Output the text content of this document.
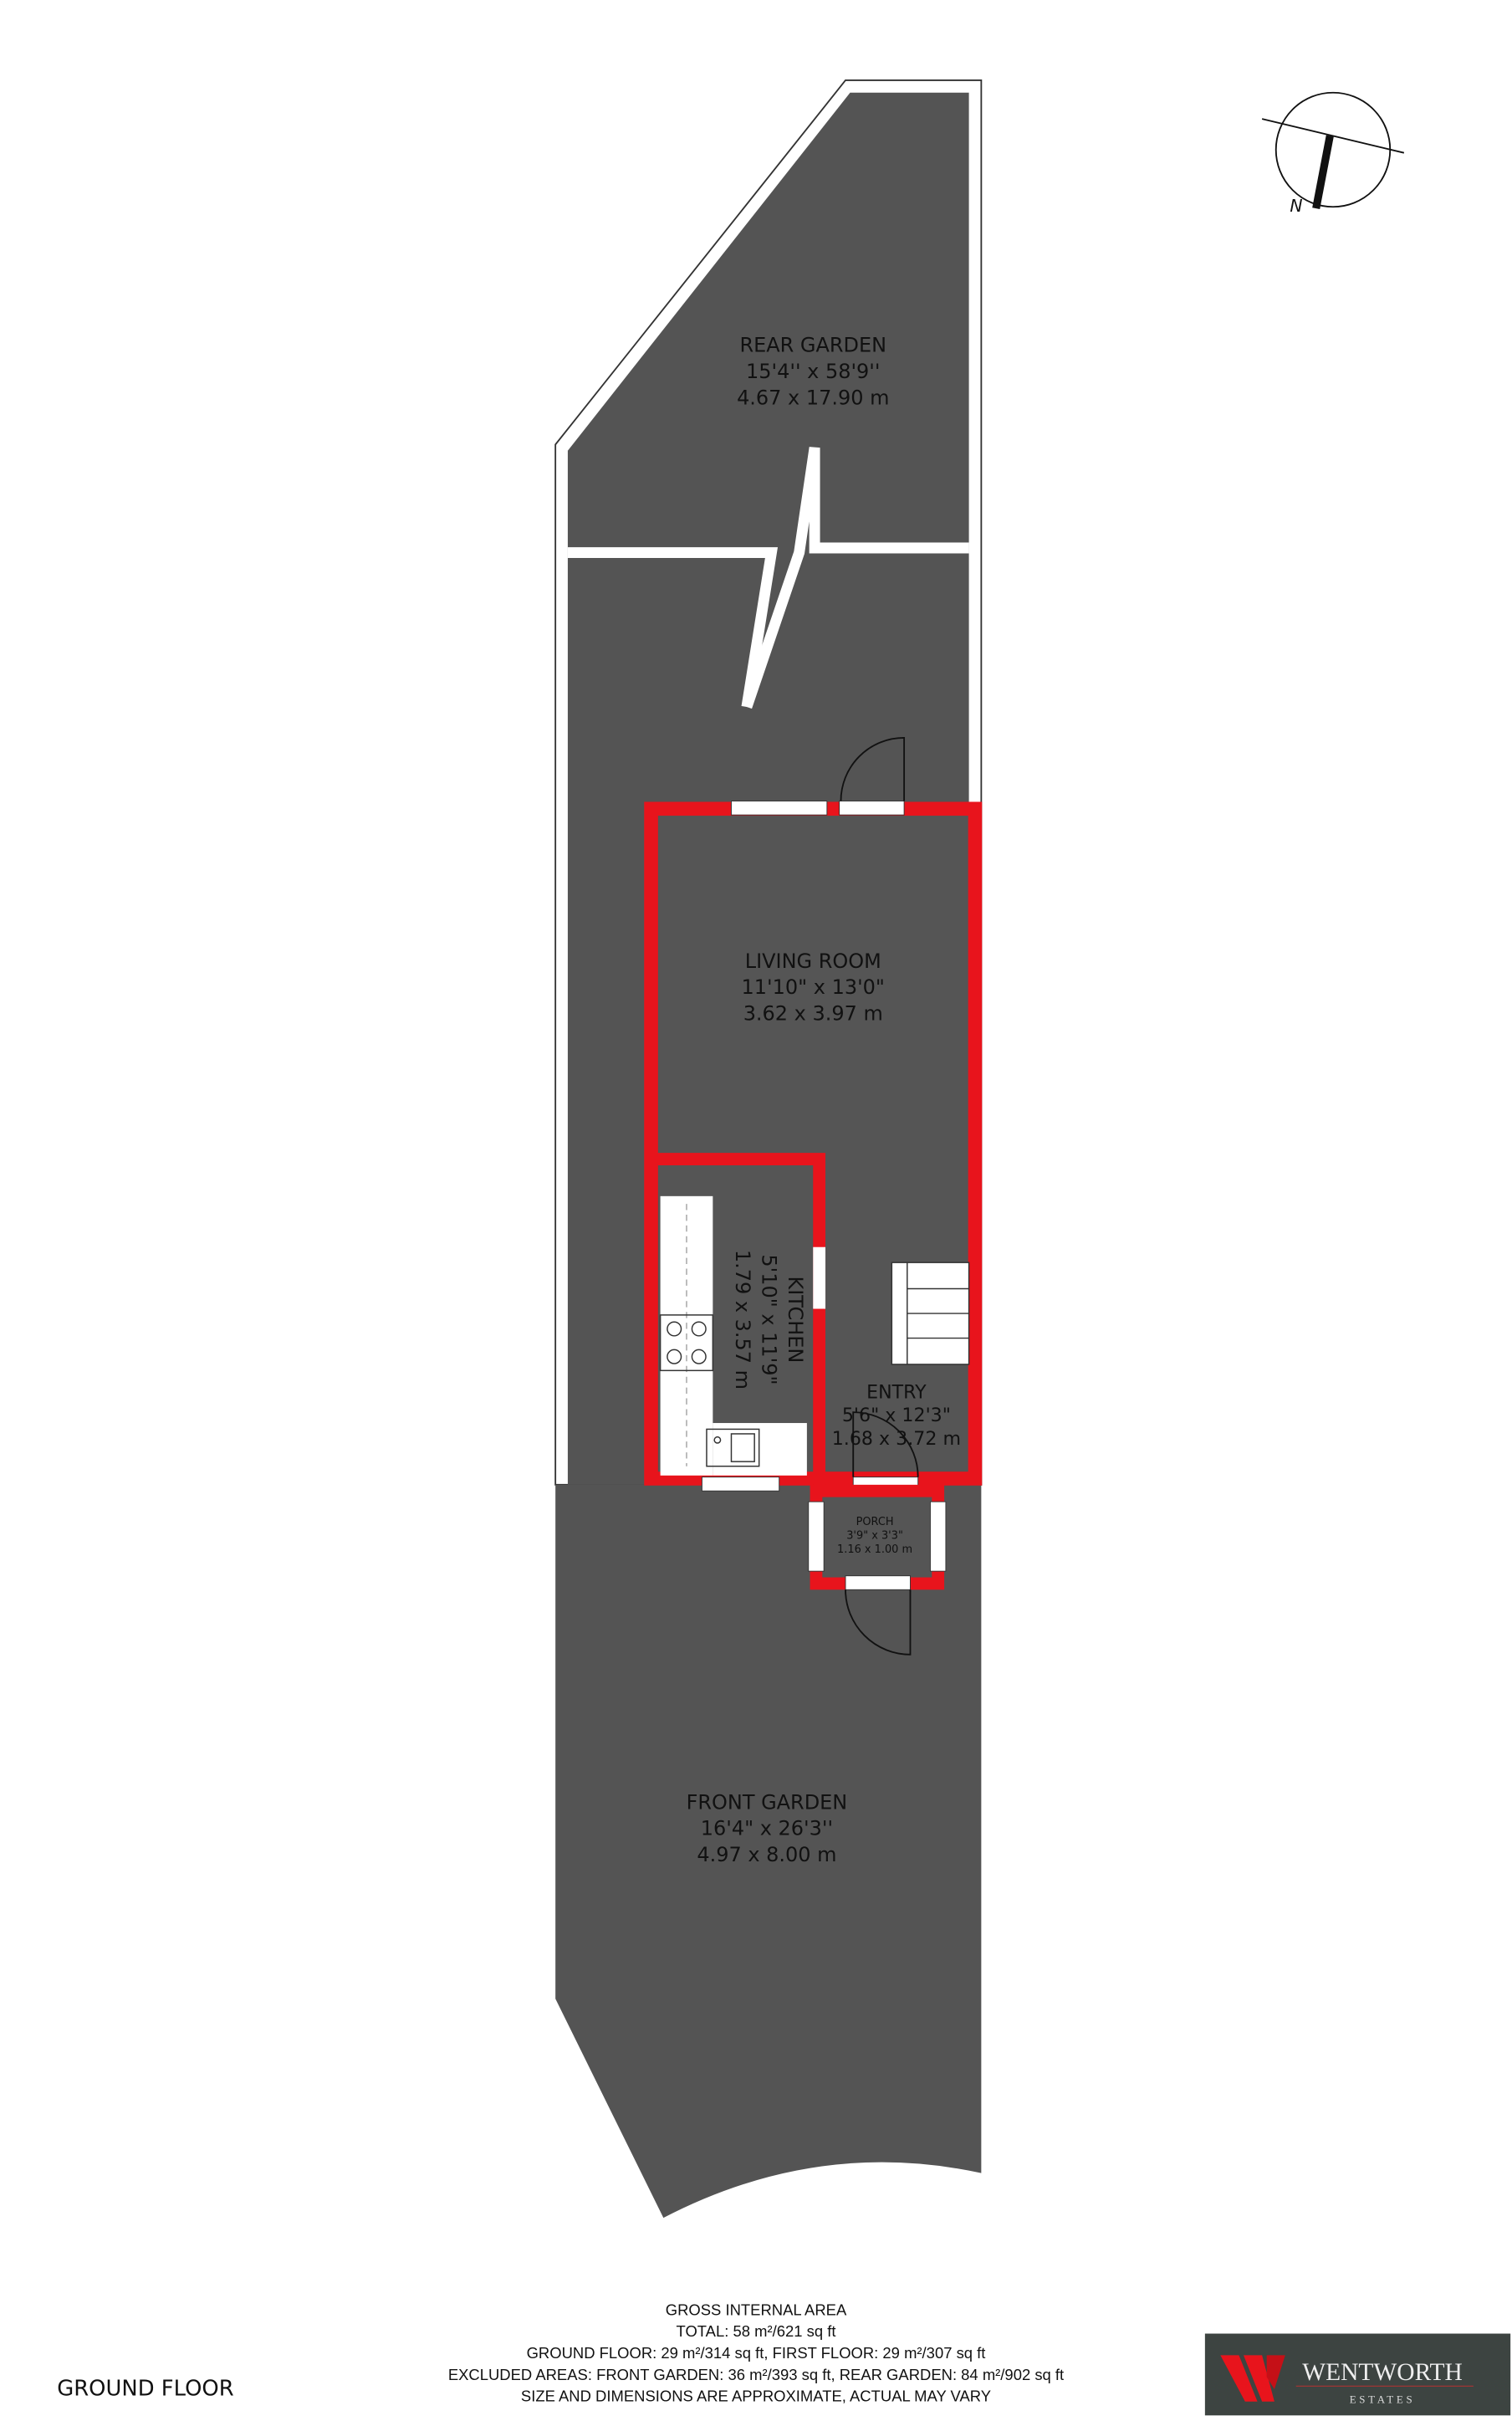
REAR GARDEN
15'4'' x 58'9''
4.67 x 17.90 m
LIVING ROOM
11'10" x 13'0"
3.62 x 3.97 m
KITCHEN
5'10" x 11'9"
1.79 x 3.57 m
ENTRY
5'6" x 12'3"
1.68 x 3.72 m
PORCH
3'9" x 3'3"
1.16 x 1.00 m
FRONT GARDEN
16'4" x 26'3''
4.97 x 8.00 m
N
GROUND FLOOR
GROSS INTERNAL AREA
TOTAL: 58 m²/621 sq ft
GROUND FLOOR: 29 m²/314 sq ft, FIRST FLOOR: 29 m²/307 sq ft
EXCLUDED AREAS: FRONT GARDEN: 36 m²/393 sq ft, REAR GARDEN: 84 m²/902 sq ft
SIZE AND DIMENSIONS ARE APPROXIMATE, ACTUAL MAY VARY
WENTWORTH
ESTATES
